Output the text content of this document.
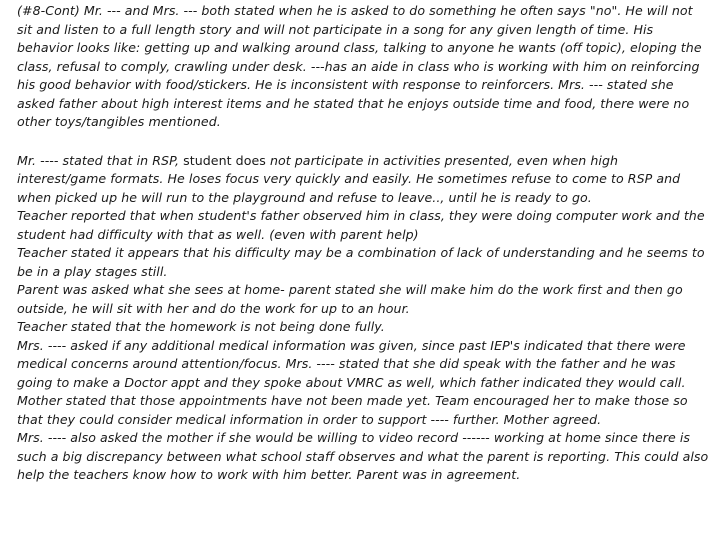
(#8-Cont) Mr. --- and Mrs. --- both stated when he is asked to do something he often says "no". He will not sit and listen to a full length story and will not participate in a song for any given length of time. His behavior looks like: getting up and walking around class, talking to anyone he wants (off topic), eloping the class, refusal to comply, crawling under desk. ---has an aide in class who is working with him on reinforcing his good behavior with food/stickers. He is inconsistent with response to reinforcers. Mrs. --- stated she asked father about high interest items and he stated that he enjoys outside time and food, there were no other toys/tangibles mentioned.

Mr. ---- stated that in RSP, student does not participate in activities presented, even when high interest/game formats. He loses focus very quickly and easily. He sometimes refuse to come to RSP and when picked up he will run to the playground and refuse to leave.., until he is ready to go.

Teacher reported that when student's father observed him in class, they were doing computer work and the student had difficulty with that as well. (even with parent help)

Teacher stated it appears that his difficulty may be a combination of lack of understanding and he seems to be in a play stages still.

Parent was asked what she sees at home- parent stated she will make him do the work first and then go outside, he will sit with her and do the work for up to an hour.

Teacher stated that the homework is not being done fully.

Mrs. ---- asked if any additional medical information was given, since past IEP's indicated that there were medical concerns around attention/focus. Mrs. ---- stated that she did speak with the father and he was going to make a Doctor appt and they spoke about VMRC as well, which father indicated they would call. Mother stated that those appointments have not been made yet. Team encouraged her to make those so that they could consider medical information in order to support ---- further. Mother agreed.

Mrs. ---- also asked the mother if she would be willing to video record ------ working at home since there is such a big discrepancy between what school staff observes and what the parent is reporting. This could also help the teachers know how to work with him better. Parent was in agreement.
